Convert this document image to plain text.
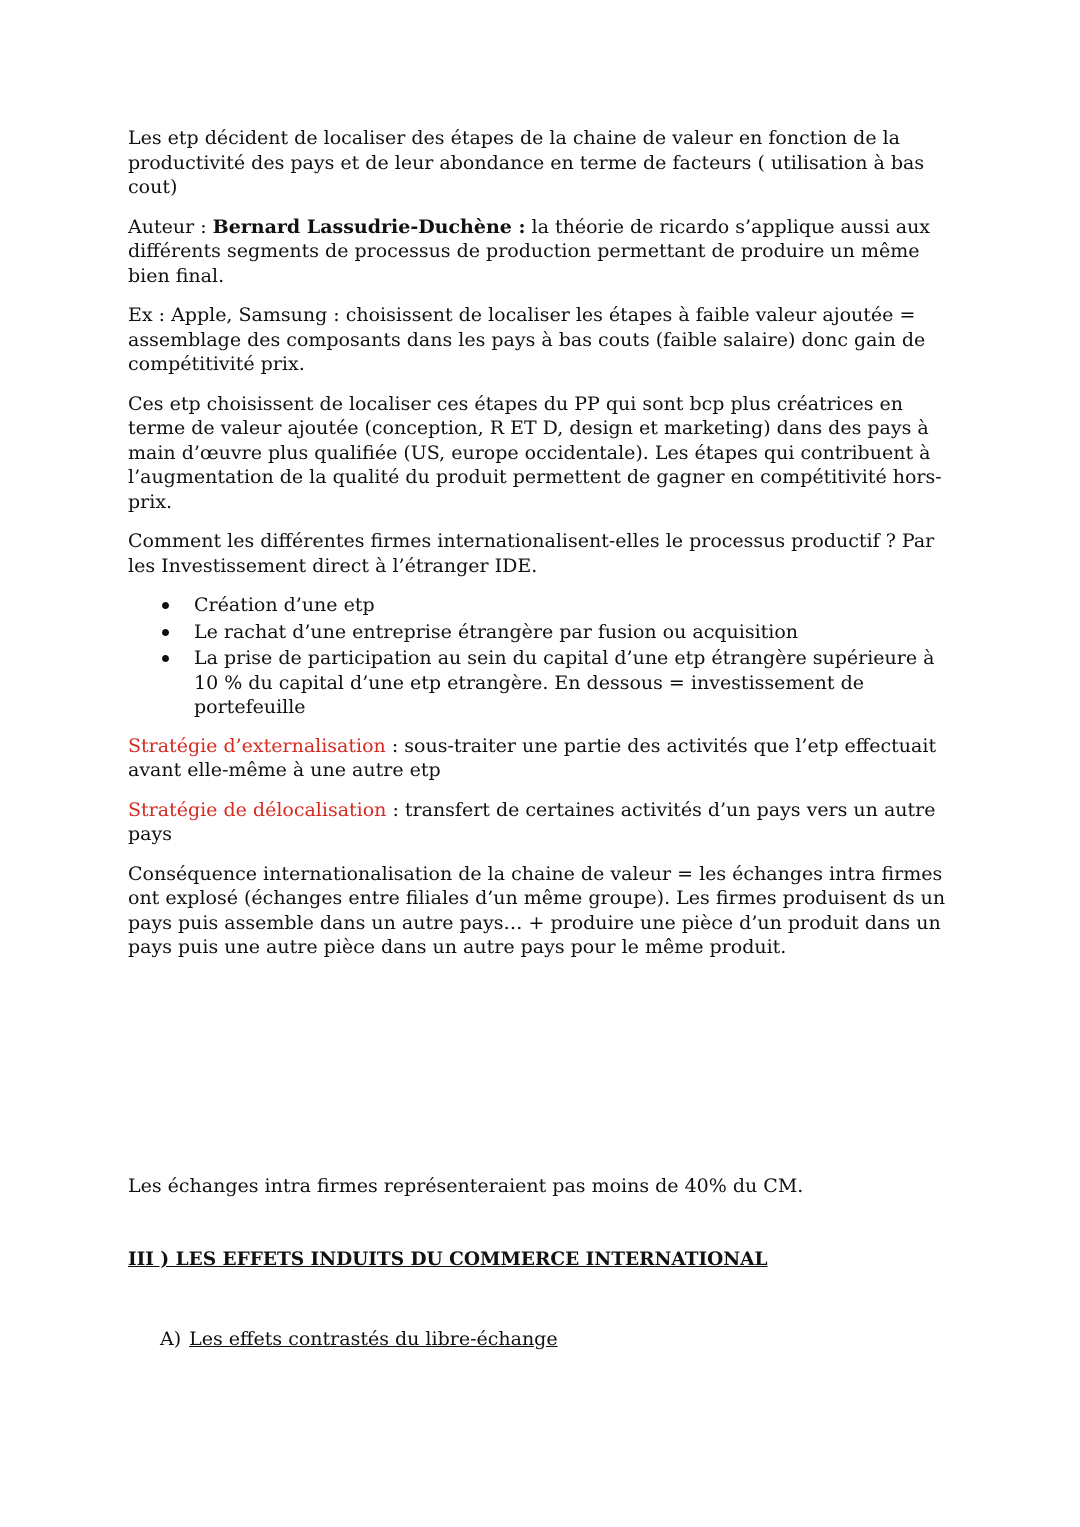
Les etp décident de localiser des étapes de la chaine de valeur en fonction de la productivité des pays et de leur abondance en terme de facteurs ( utilisation à bas cout)

Auteur : Bernard Lassudrie-Duchène : la théorie de ricardo s’applique aussi aux différents segments de processus de production permettant de produire un même bien final.

Ex : Apple, Samsung : choisissent de localiser les étapes à faible valeur ajoutée = assemblage des composants dans les pays à bas couts (faible salaire) donc gain de compétitivité prix.

Ces etp choisissent de localiser ces étapes du PP qui sont bcp plus créatrices en terme de valeur ajoutée (conception, R ET D, design et marketing) dans des pays à main d’œuvre plus qualifiée (US, europe occidentale). Les étapes qui contribuent à l’augmentation de la qualité du produit permettent de gagner en compétitivité hors-prix.

Comment les différentes firmes internationalisent-elles le processus productif ? Par les Investissement direct à l’étranger IDE.

Création d’une etp
Le rachat d’une entreprise étrangère par fusion ou acquisition
La prise de participation au sein du capital d’une etp étrangère supérieure à 10 % du capital d’une etp etrangère. En dessous = investissement de portefeuille

Stratégie d’externalisation : sous-traiter une partie des activités que l’etp effectuait avant elle-même à une autre etp

Stratégie de délocalisation : transfert de certaines activités d’un pays vers un autre pays

Conséquence internationalisation de la chaine de valeur = les échanges intra firmes ont explosé (échanges entre filiales d’un même groupe). Les firmes produisent ds un pays puis assemble dans un autre pays… + produire une pièce d’un produit dans un pays puis une autre pièce dans un autre pays pour le même produit.

Les échanges intra firmes représenteraient pas moins de 40% du CM.

III ) LES EFFETS INDUITS DU COMMERCE INTERNATIONAL
A) Les effets contrastés du libre-échange
